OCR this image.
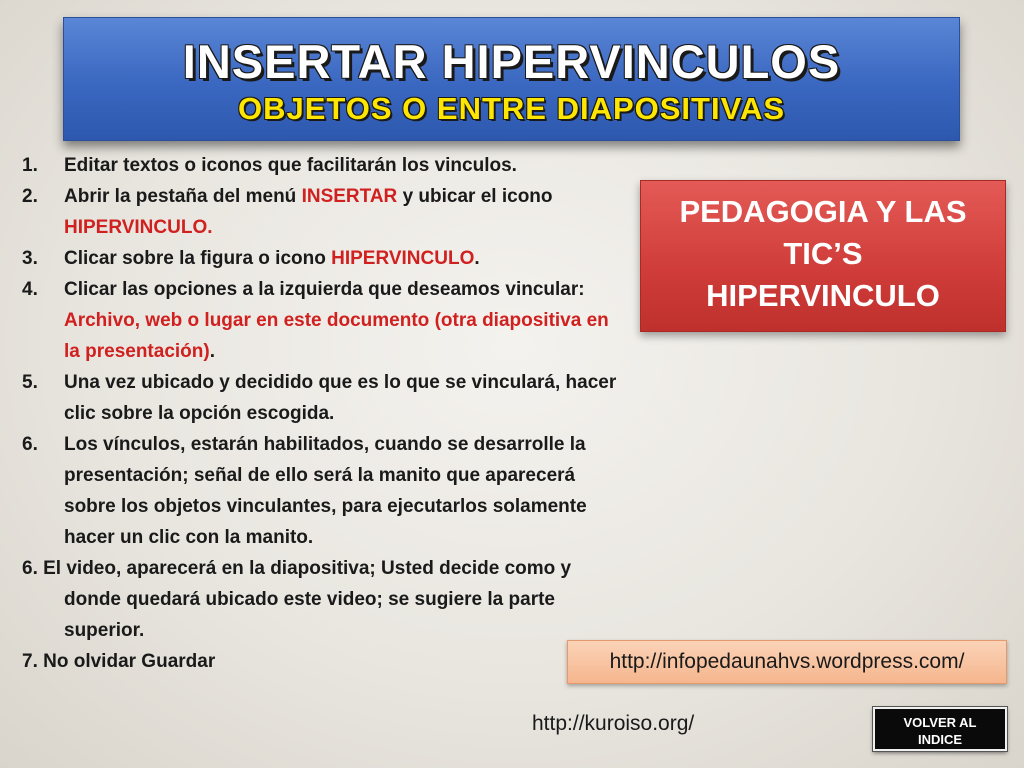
INSERTAR HIPERVINCULOS
OBJETOS O ENTRE DIAPOSITIVAS
1.	Editar textos o iconos que facilitarán los vinculos.
2.	Abrir la pestaña del menú INSERTAR y ubicar el icono HIPERVINCULO.
3.	Clicar sobre la figura o icono HIPERVINCULO.
4.	Clicar las opciones a la izquierda que deseamos vincular: Archivo, web o lugar en este documento (otra diapositiva en la presentación).
5.	Una vez ubicado y decidido que es lo que se vinculará, hacer clic sobre la opción escogida.
6.	Los vínculos, estarán habilitados, cuando se desarrolle la presentación; señal de ello será la manito que aparecerá sobre los objetos vinculantes, para ejecutarlos solamente hacer un clic con la manito.
6. El video, aparecerá en la diapositiva; Usted decide como y donde quedará ubicado este video; se sugiere la parte superior.
7. No olvidar Guardar
PEDAGOGIA Y LAS
TIC’S
HIPERVINCULO
http://infopedaunahvs.wordpress.com/
http://kuroiso.org/	VOLVER AL
INDICE
